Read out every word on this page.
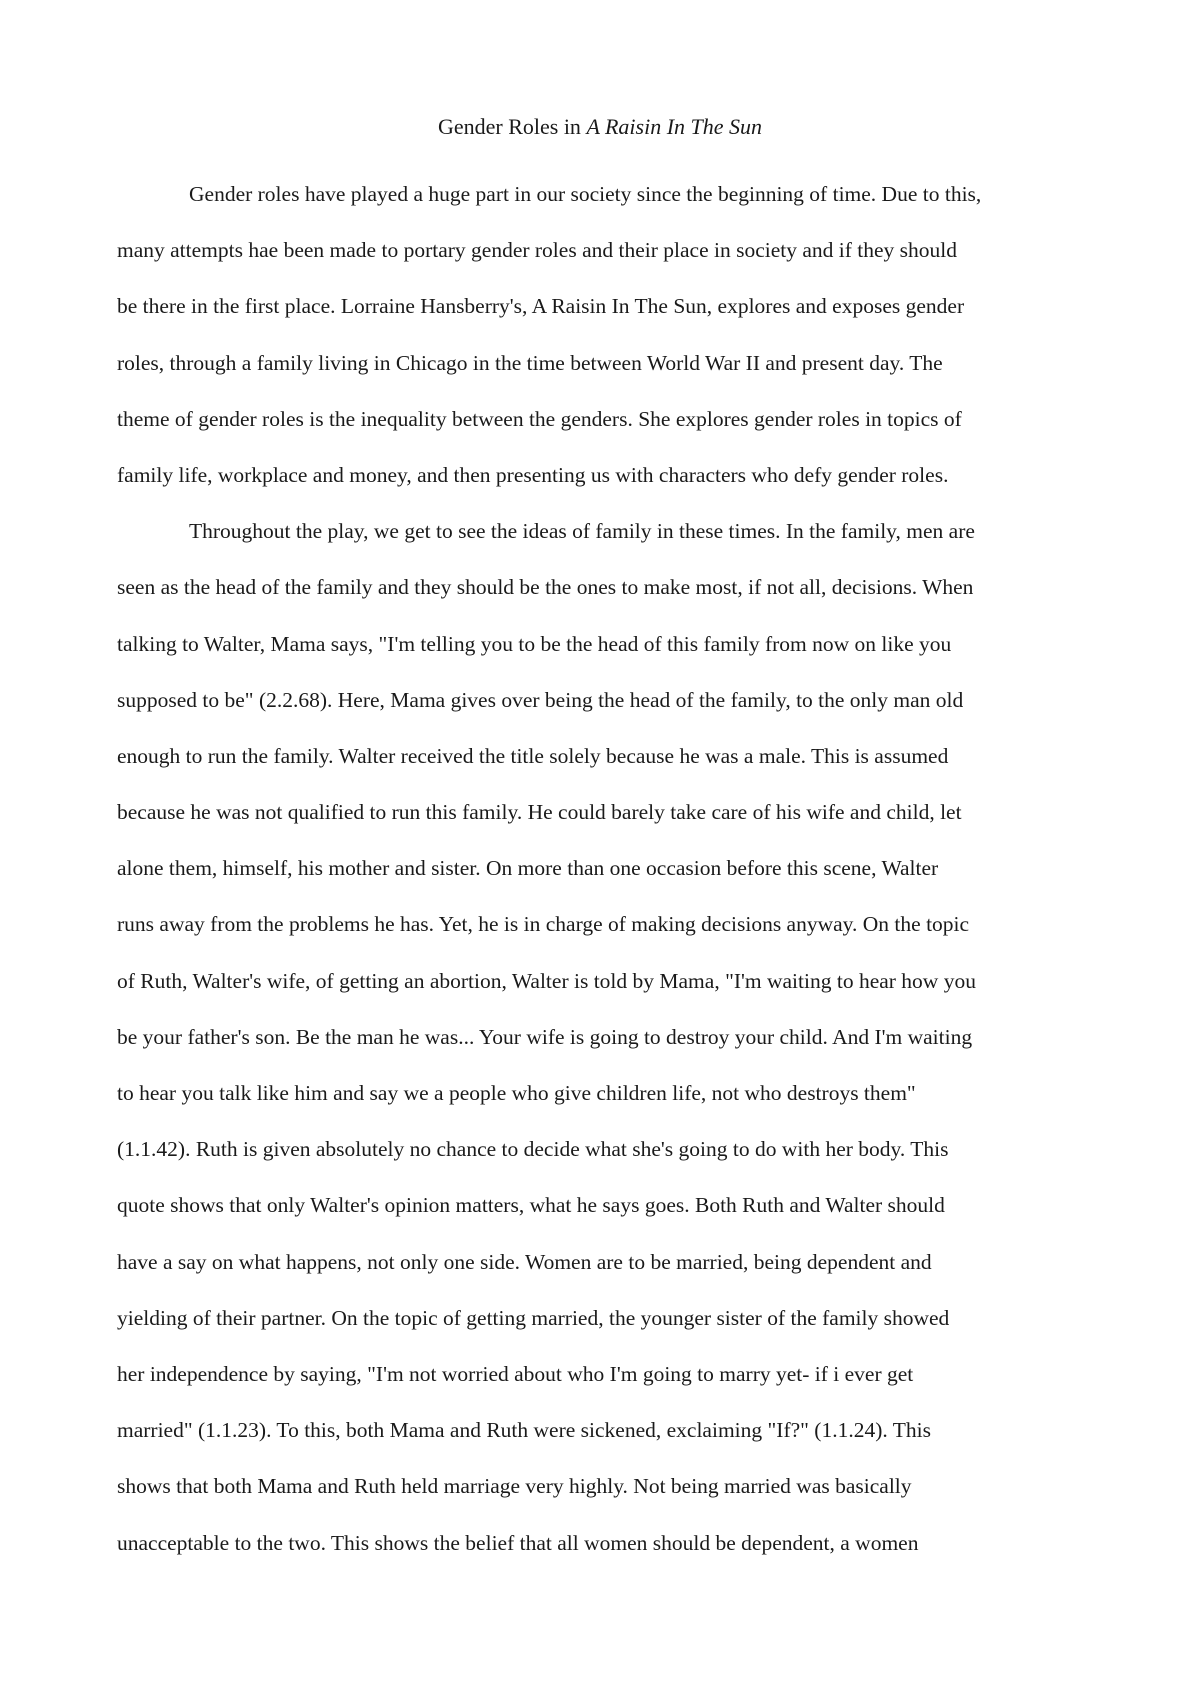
Gender Roles in A Raisin In The Sun
Gender roles have played a huge part in our society since the beginning of time. Due to this,
many attempts hae been made to portary gender roles and their place in society and if they should
be there in the first place. Lorraine Hansberry's, A Raisin In The Sun, explores and exposes gender
roles, through a family living in Chicago in the time between World War II and present day. The
theme of gender roles is the inequality between the genders. She explores gender roles in topics of
family life, workplace and money, and then presenting us with characters who defy gender roles.
Throughout the play, we get to see the ideas of family in these times. In the family, men are
seen as the head of the family and they should be the ones to make most, if not all, decisions. When
talking to Walter, Mama says, "I'm telling you to be the head of this family from now on like you
supposed to be" (2.2.68). Here, Mama gives over being the head of the family, to the only man old
enough to run the family. Walter received the title solely because he was a male. This is assumed
because he was not qualified to run this family. He could barely take care of his wife and child, let
alone them, himself, his mother and sister. On more than one occasion before this scene, Walter
runs away from the problems he has. Yet, he is in charge of making decisions anyway. On the topic
of Ruth, Walter's wife, of getting an abortion, Walter is told by Mama, "I'm waiting to hear how you
be your father's son. Be the man he was... Your wife is going to destroy your child. And I'm waiting
to hear you talk like him and say we a people who give children life, not who destroys them"
(1.1.42). Ruth is given absolutely no chance to decide what she's going to do with her body. This
quote shows that only Walter's opinion matters, what he says goes. Both Ruth and Walter should
have a say on what happens, not only one side. Women are to be married, being dependent and
yielding of their partner. On the topic of getting married, the younger sister of the family showed
her independence by saying, "I'm not worried about who I'm going to marry yet- if i ever get
married" (1.1.23). To this, both Mama and Ruth were sickened, exclaiming "If?" (1.1.24). This
shows that both Mama and Ruth held marriage very highly. Not being married was basically
unacceptable to the two. This shows the belief that all women should be dependent, a women
